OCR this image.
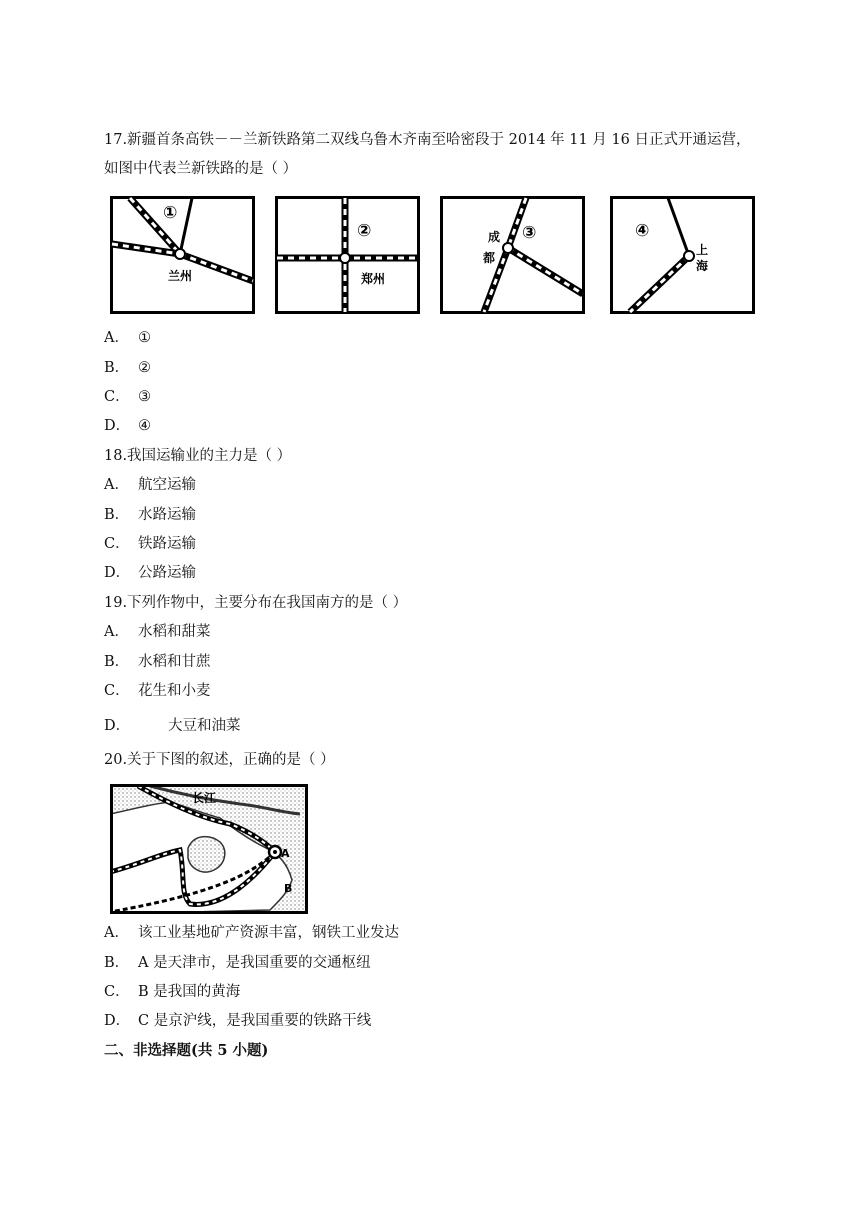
17.新疆首条高铁－－兰新铁路第二双线乌鲁木齐南至哈密段于 2014 年 11 月 16 日正式开通运营，
如图中代表兰新铁路的是（ ）
①
兰州
②
郑州
③
成
都
④
上
海
A． ①
B． ②
C． ③
D． ④
18.我国运输业的主力是（ ）
A． 航空运输
B． 水路运输
C． 铁路运输
D． 公路运输
19.下列作物中，主要分布在我国南方的是（ ）
A． 水稻和甜菜
B． 水稻和甘蔗
C． 花生和小麦
D．	大豆和油菜
20.关于下图的叙述，正确的是（ ）
长江
A
B
A． 该工业基地矿产资源丰富，钢铁工业发达
B． A 是天津市，是我国重要的交通枢纽
C． B 是我国的黄海
D． C 是京沪线，是我国重要的铁路干线
二、非选择题(共 5 小题)
